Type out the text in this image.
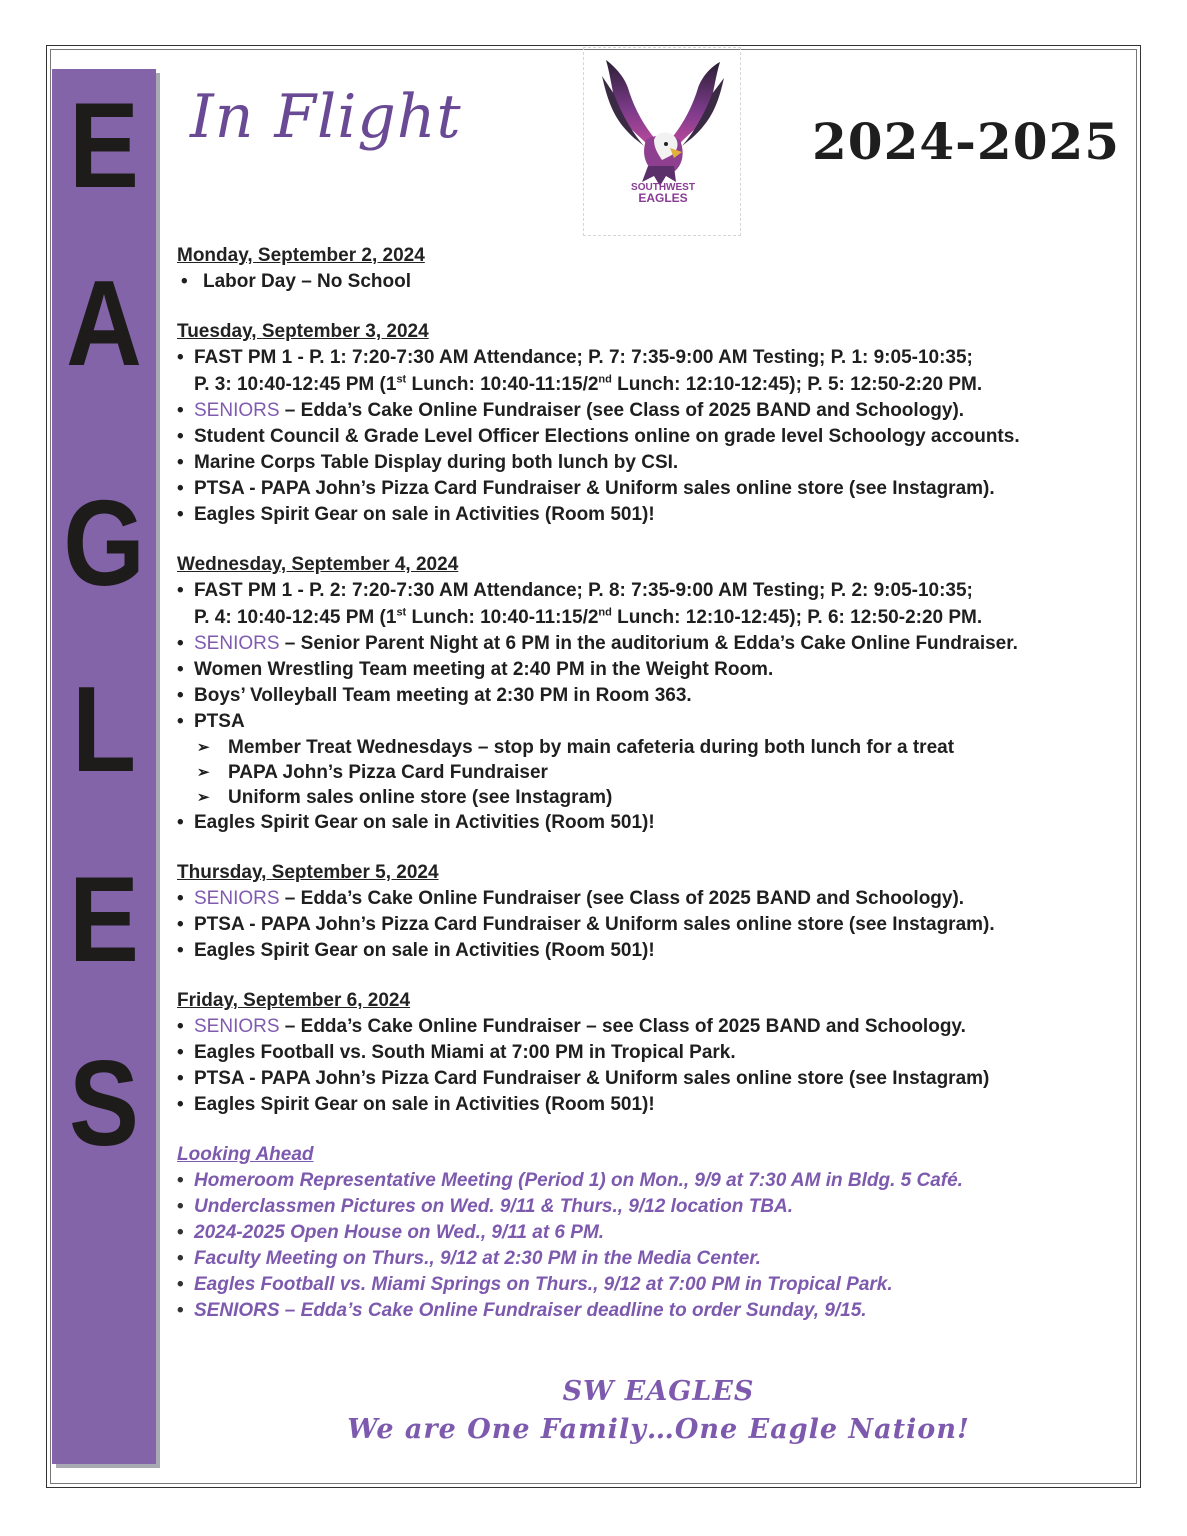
E
A
G
L
E
S
In Flight
SOUTHWEST
EAGLES
2024-2025
Monday, September 2, 2024
• Labor Day – No School
Tuesday, September 3, 2024
• FAST PM 1 - P. 1: 7:20-7:30 AM Attendance; P. 7: 7:35-9:00 AM Testing; P. 1: 9:05-10:35;
P. 3: 10:40-12:45 PM (1st Lunch: 10:40-11:15/2nd Lunch: 12:10-12:45); P. 5: 12:50-2:20 PM.
• SENIORS – Edda’s Cake Online Fundraiser (see Class of 2025 BAND and Schoology).
• Student Council & Grade Level Officer Elections online on grade level Schoology accounts.
• Marine Corps Table Display during both lunch by CSI.
• PTSA - PAPA John’s Pizza Card Fundraiser & Uniform sales online store (see Instagram).
• Eagles Spirit Gear on sale in Activities (Room 501)!
Wednesday, September 4, 2024
• FAST PM 1 - P. 2: 7:20-7:30 AM Attendance; P. 8: 7:35-9:00 AM Testing; P. 2: 9:05-10:35;
P. 4: 10:40-12:45 PM (1st Lunch: 10:40-11:15/2nd Lunch: 12:10-12:45); P. 6: 12:50-2:20 PM.
• SENIORS – Senior Parent Night at 6 PM in the auditorium & Edda’s Cake Online Fundraiser.
• Women Wrestling Team meeting at 2:40 PM in the Weight Room.
• Boys’ Volleyball Team meeting at 2:30 PM in Room 363.
• PTSA
➢ Member Treat Wednesdays – stop by main cafeteria during both lunch for a treat
➢ PAPA John’s Pizza Card Fundraiser
➢ Uniform sales online store (see Instagram)
• Eagles Spirit Gear on sale in Activities (Room 501)!
Thursday, September 5, 2024
• SENIORS – Edda’s Cake Online Fundraiser (see Class of 2025 BAND and Schoology).
• PTSA - PAPA John’s Pizza Card Fundraiser & Uniform sales online store (see Instagram).
• Eagles Spirit Gear on sale in Activities (Room 501)!
Friday, September 6, 2024
• SENIORS – Edda’s Cake Online Fundraiser – see Class of 2025 BAND and Schoology.
• Eagles Football vs. South Miami at 7:00 PM in Tropical Park.
• PTSA - PAPA John’s Pizza Card Fundraiser & Uniform sales online store (see Instagram)
• Eagles Spirit Gear on sale in Activities (Room 501)!
Looking Ahead
• Homeroom Representative Meeting (Period 1) on Mon., 9/9 at 7:30 AM in Bldg. 5 Café.
• Underclassmen Pictures on Wed. 9/11 & Thurs., 9/12 location TBA.
• 2024-2025 Open House on Wed., 9/11 at 6 PM.
• Faculty Meeting on Thurs., 9/12 at 2:30 PM in the Media Center.
• Eagles Football vs. Miami Springs on Thurs., 9/12 at 7:00 PM in Tropical Park.
• SENIORS – Edda’s Cake Online Fundraiser deadline to order Sunday, 9/15.
SW EAGLES
We are One Family…One Eagle Nation!
